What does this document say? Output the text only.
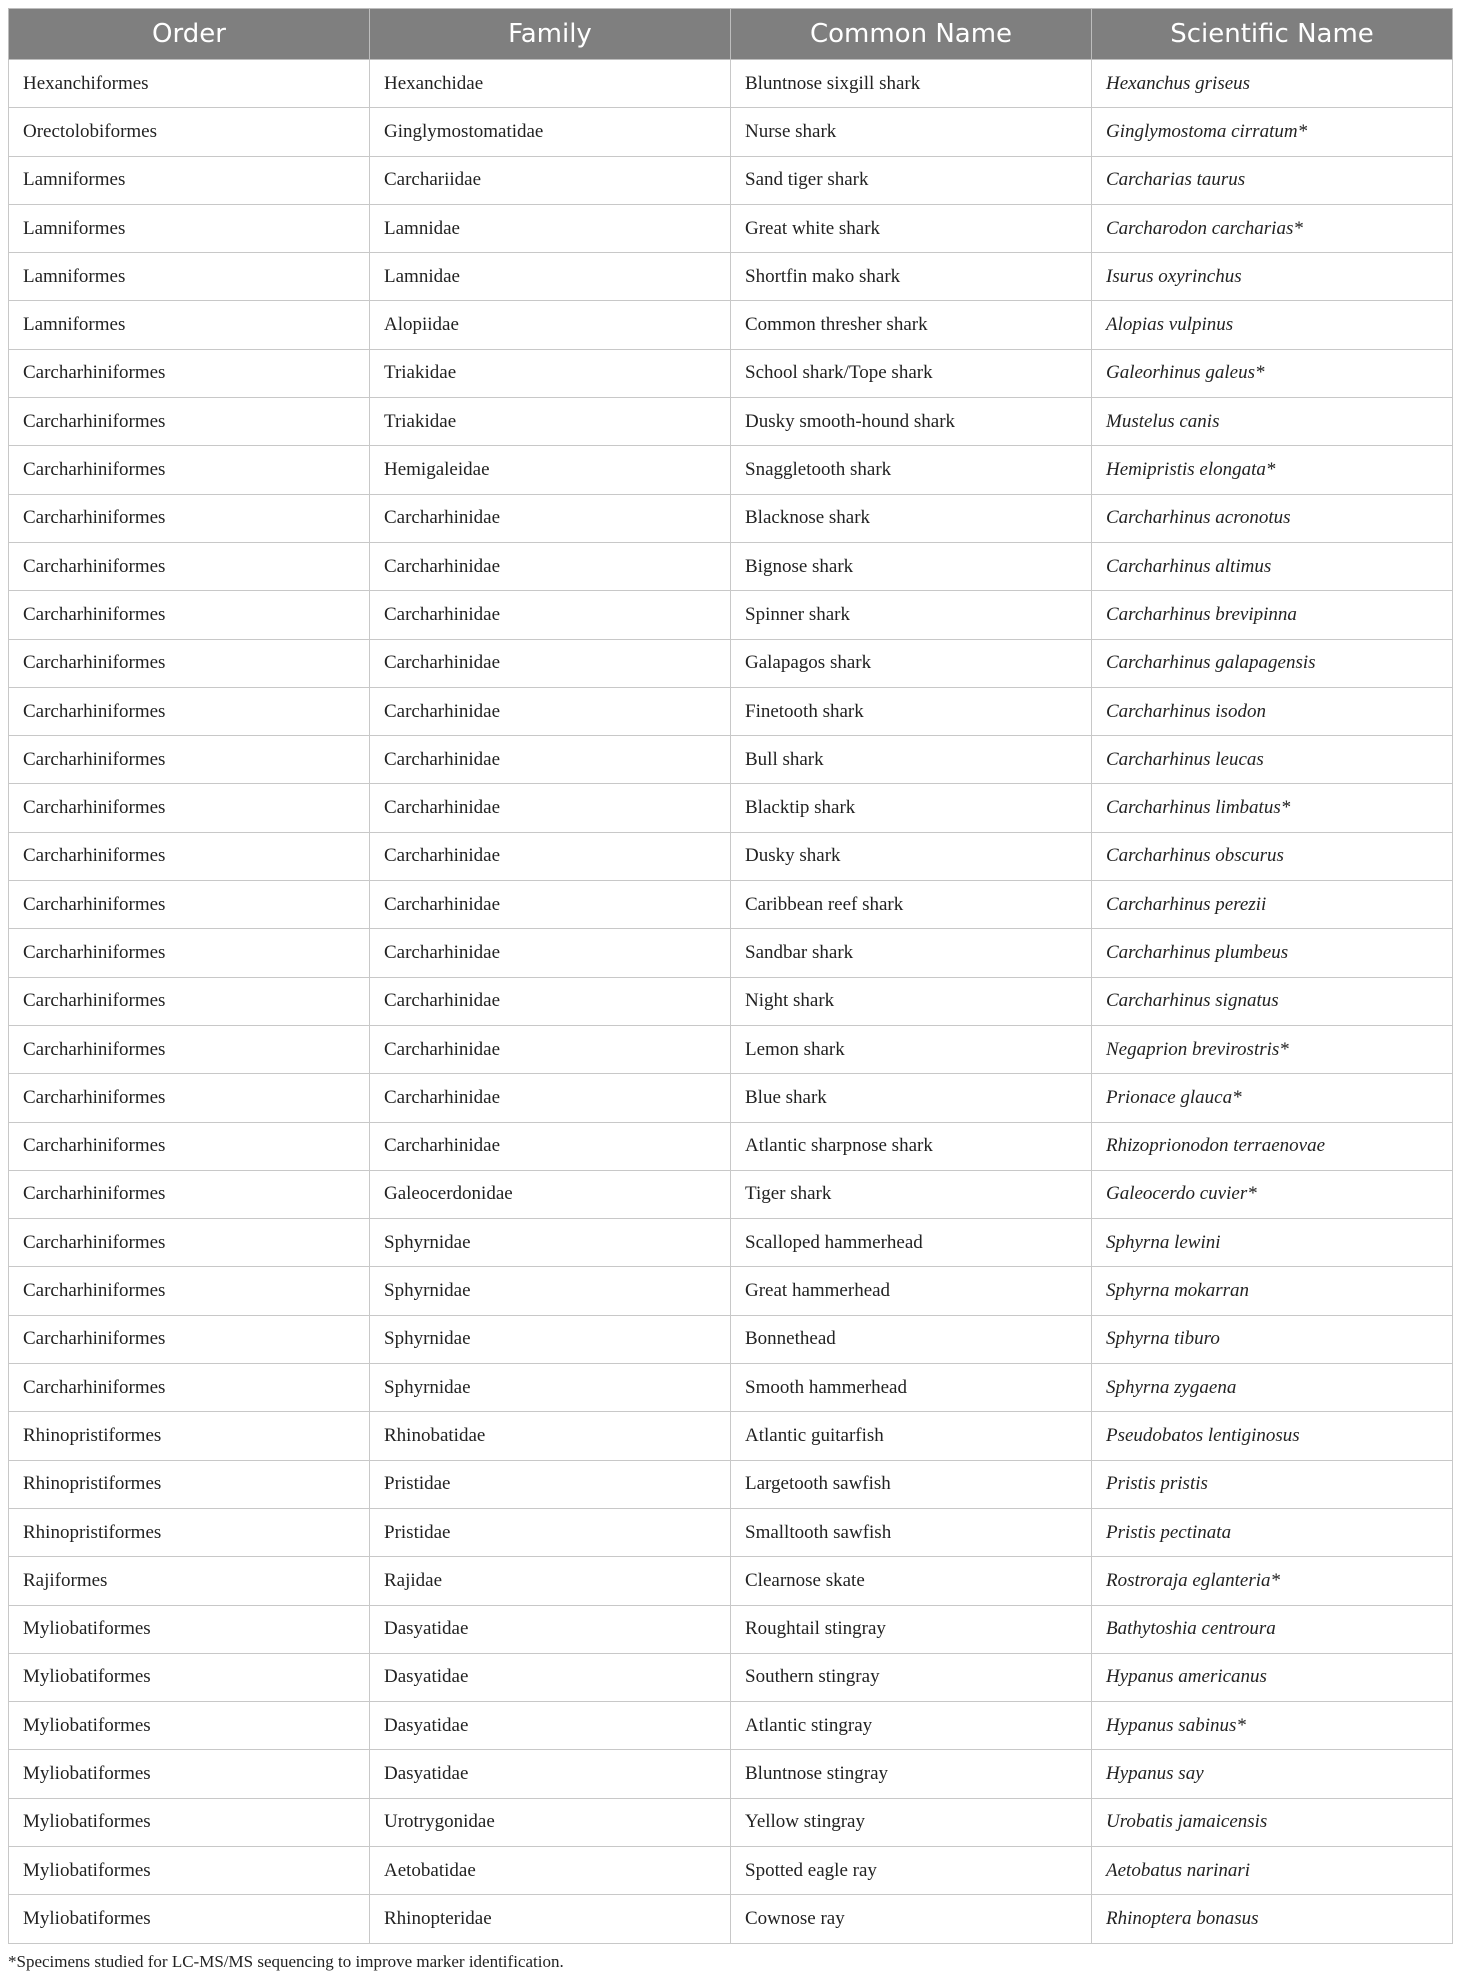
Order	Family	Common Name	Scientific Name
Hexanchiformes	Hexanchidae	Bluntnose sixgill shark	Hexanchus griseus
Orectolobiformes	Ginglymostomatidae	Nurse shark	Ginglymostoma cirratum*
Lamniformes	Carchariidae	Sand tiger shark	Carcharias taurus
Lamniformes	Lamnidae	Great white shark	Carcharodon carcharias*
Lamniformes	Lamnidae	Shortfin mako shark	Isurus oxyrinchus
Lamniformes	Alopiidae	Common thresher shark	Alopias vulpinus
Carcharhiniformes	Triakidae	School shark/Tope shark	Galeorhinus galeus*
Carcharhiniformes	Triakidae	Dusky smooth-hound shark	Mustelus canis
Carcharhiniformes	Hemigaleidae	Snaggletooth shark	Hemipristis elongata*
Carcharhiniformes	Carcharhinidae	Blacknose shark	Carcharhinus acronotus
Carcharhiniformes	Carcharhinidae	Bignose shark	Carcharhinus altimus
Carcharhiniformes	Carcharhinidae	Spinner shark	Carcharhinus brevipinna
Carcharhiniformes	Carcharhinidae	Galapagos shark	Carcharhinus galapagensis
Carcharhiniformes	Carcharhinidae	Finetooth shark	Carcharhinus isodon
Carcharhiniformes	Carcharhinidae	Bull shark	Carcharhinus leucas
Carcharhiniformes	Carcharhinidae	Blacktip shark	Carcharhinus limbatus*
Carcharhiniformes	Carcharhinidae	Dusky shark	Carcharhinus obscurus
Carcharhiniformes	Carcharhinidae	Caribbean reef shark	Carcharhinus perezii
Carcharhiniformes	Carcharhinidae	Sandbar shark	Carcharhinus plumbeus
Carcharhiniformes	Carcharhinidae	Night shark	Carcharhinus signatus
Carcharhiniformes	Carcharhinidae	Lemon shark	Negaprion brevirostris*
Carcharhiniformes	Carcharhinidae	Blue shark	Prionace glauca*
Carcharhiniformes	Carcharhinidae	Atlantic sharpnose shark	Rhizoprionodon terraenovae
Carcharhiniformes	Galeocerdonidae	Tiger shark	Galeocerdo cuvier*
Carcharhiniformes	Sphyrnidae	Scalloped hammerhead	Sphyrna lewini
Carcharhiniformes	Sphyrnidae	Great hammerhead	Sphyrna mokarran
Carcharhiniformes	Sphyrnidae	Bonnethead	Sphyrna tiburo
Carcharhiniformes	Sphyrnidae	Smooth hammerhead	Sphyrna zygaena
Rhinopristiformes	Rhinobatidae	Atlantic guitarfish	Pseudobatos lentiginosus
Rhinopristiformes	Pristidae	Largetooth sawfish	Pristis pristis
Rhinopristiformes	Pristidae	Smalltooth sawfish	Pristis pectinata
Rajiformes	Rajidae	Clearnose skate	Rostroraja eglanteria*
Myliobatiformes	Dasyatidae	Roughtail stingray	Bathytoshia centroura
Myliobatiformes	Dasyatidae	Southern stingray	Hypanus americanus
Myliobatiformes	Dasyatidae	Atlantic stingray	Hypanus sabinus*
Myliobatiformes	Dasyatidae	Bluntnose stingray	Hypanus say
Myliobatiformes	Urotrygonidae	Yellow stingray	Urobatis jamaicensis
Myliobatiformes	Aetobatidae	Spotted eagle ray	Aetobatus narinari
Myliobatiformes	Rhinopteridae	Cownose ray	Rhinoptera bonasus
*Specimens studied for LC-MS/MS sequencing to improve marker identification.
